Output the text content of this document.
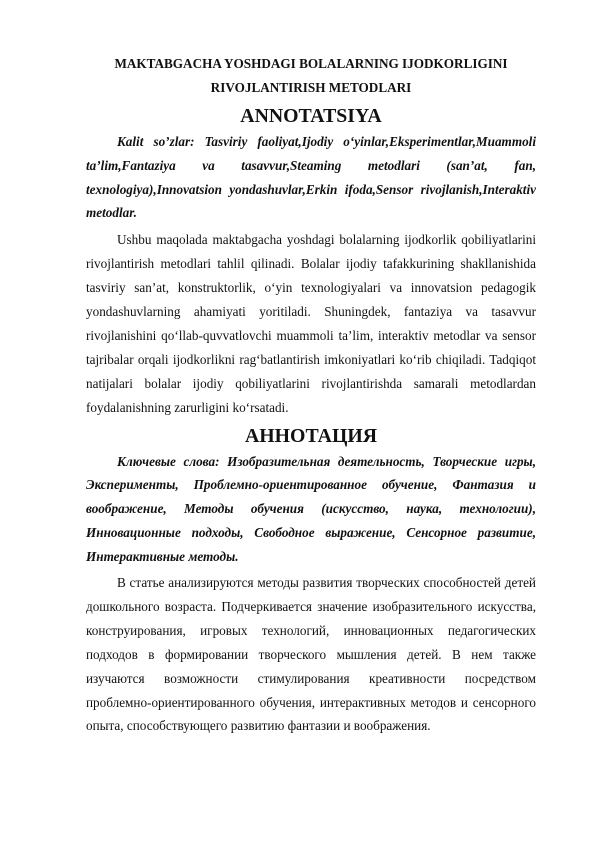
MAKTABGACHA YOSHDAGI BOLALARNING IJODKORLIGINI
RIVOJLANTIRISH METODLARI
ANNOTATSIYA

Kalit so’zlar: Tasviriy faoliyat,Ijodiy o‘yinlar,Eksperimentlar,Muammoli ta’lim,Fantaziya va tasavvur,Steaming metodlari (san’at, fan, texnologiya),Innovatsion yondashuvlar,Erkin ifoda,Sensor rivojlanish,Interaktiv metodlar.

Ushbu maqolada maktabgacha yoshdagi bolalarning ijodkorlik qobiliyatlarini rivojlantirish metodlari tahlil qilinadi. Bolalar ijodiy tafakkurining shakllanishida tasviriy san’at, konstruktorlik, o‘yin texnologiyalari va innovatsion pedagogik yondashuvlarning ahamiyati yoritiladi. Shuningdek, fantaziya va tasavvur rivojlanishini qo‘llab-quvvatlovchi muammoli ta’lim, interaktiv metodlar va sensor tajribalar orqali ijodkorlikni rag‘batlantirish imkoniyatlari ko‘rib chiqiladi. Tadqiqot natijalari bolalar ijodiy qobiliyatlarini rivojlantirishda samarali metodlardan foydalanishning zarurligini ko‘rsatadi.

АННОТАЦИЯ

Ключевые слова: Изобразительная деятельность, Творческие игры, Эксперименты, Проблемно-ориентированное обучение, Фантазия и воображение, Методы обучения (искусство, наука, технологии), Инновационные подходы, Свободное выражение, Сенсорное развитие, Интерактивные методы.

В статье анализируются методы развития творческих способностей детей дошкольного возраста. Подчеркивается значение изобразительного искусства, конструирования, игровых технологий, инновационных педагогических подходов в формировании творческого мышления детей. В нем также изучаются возможности стимулирования креативности посредством проблемно-ориентированного обучения, интерактивных методов и сенсорного опыта, способствующего развитию фантазии и воображения.
